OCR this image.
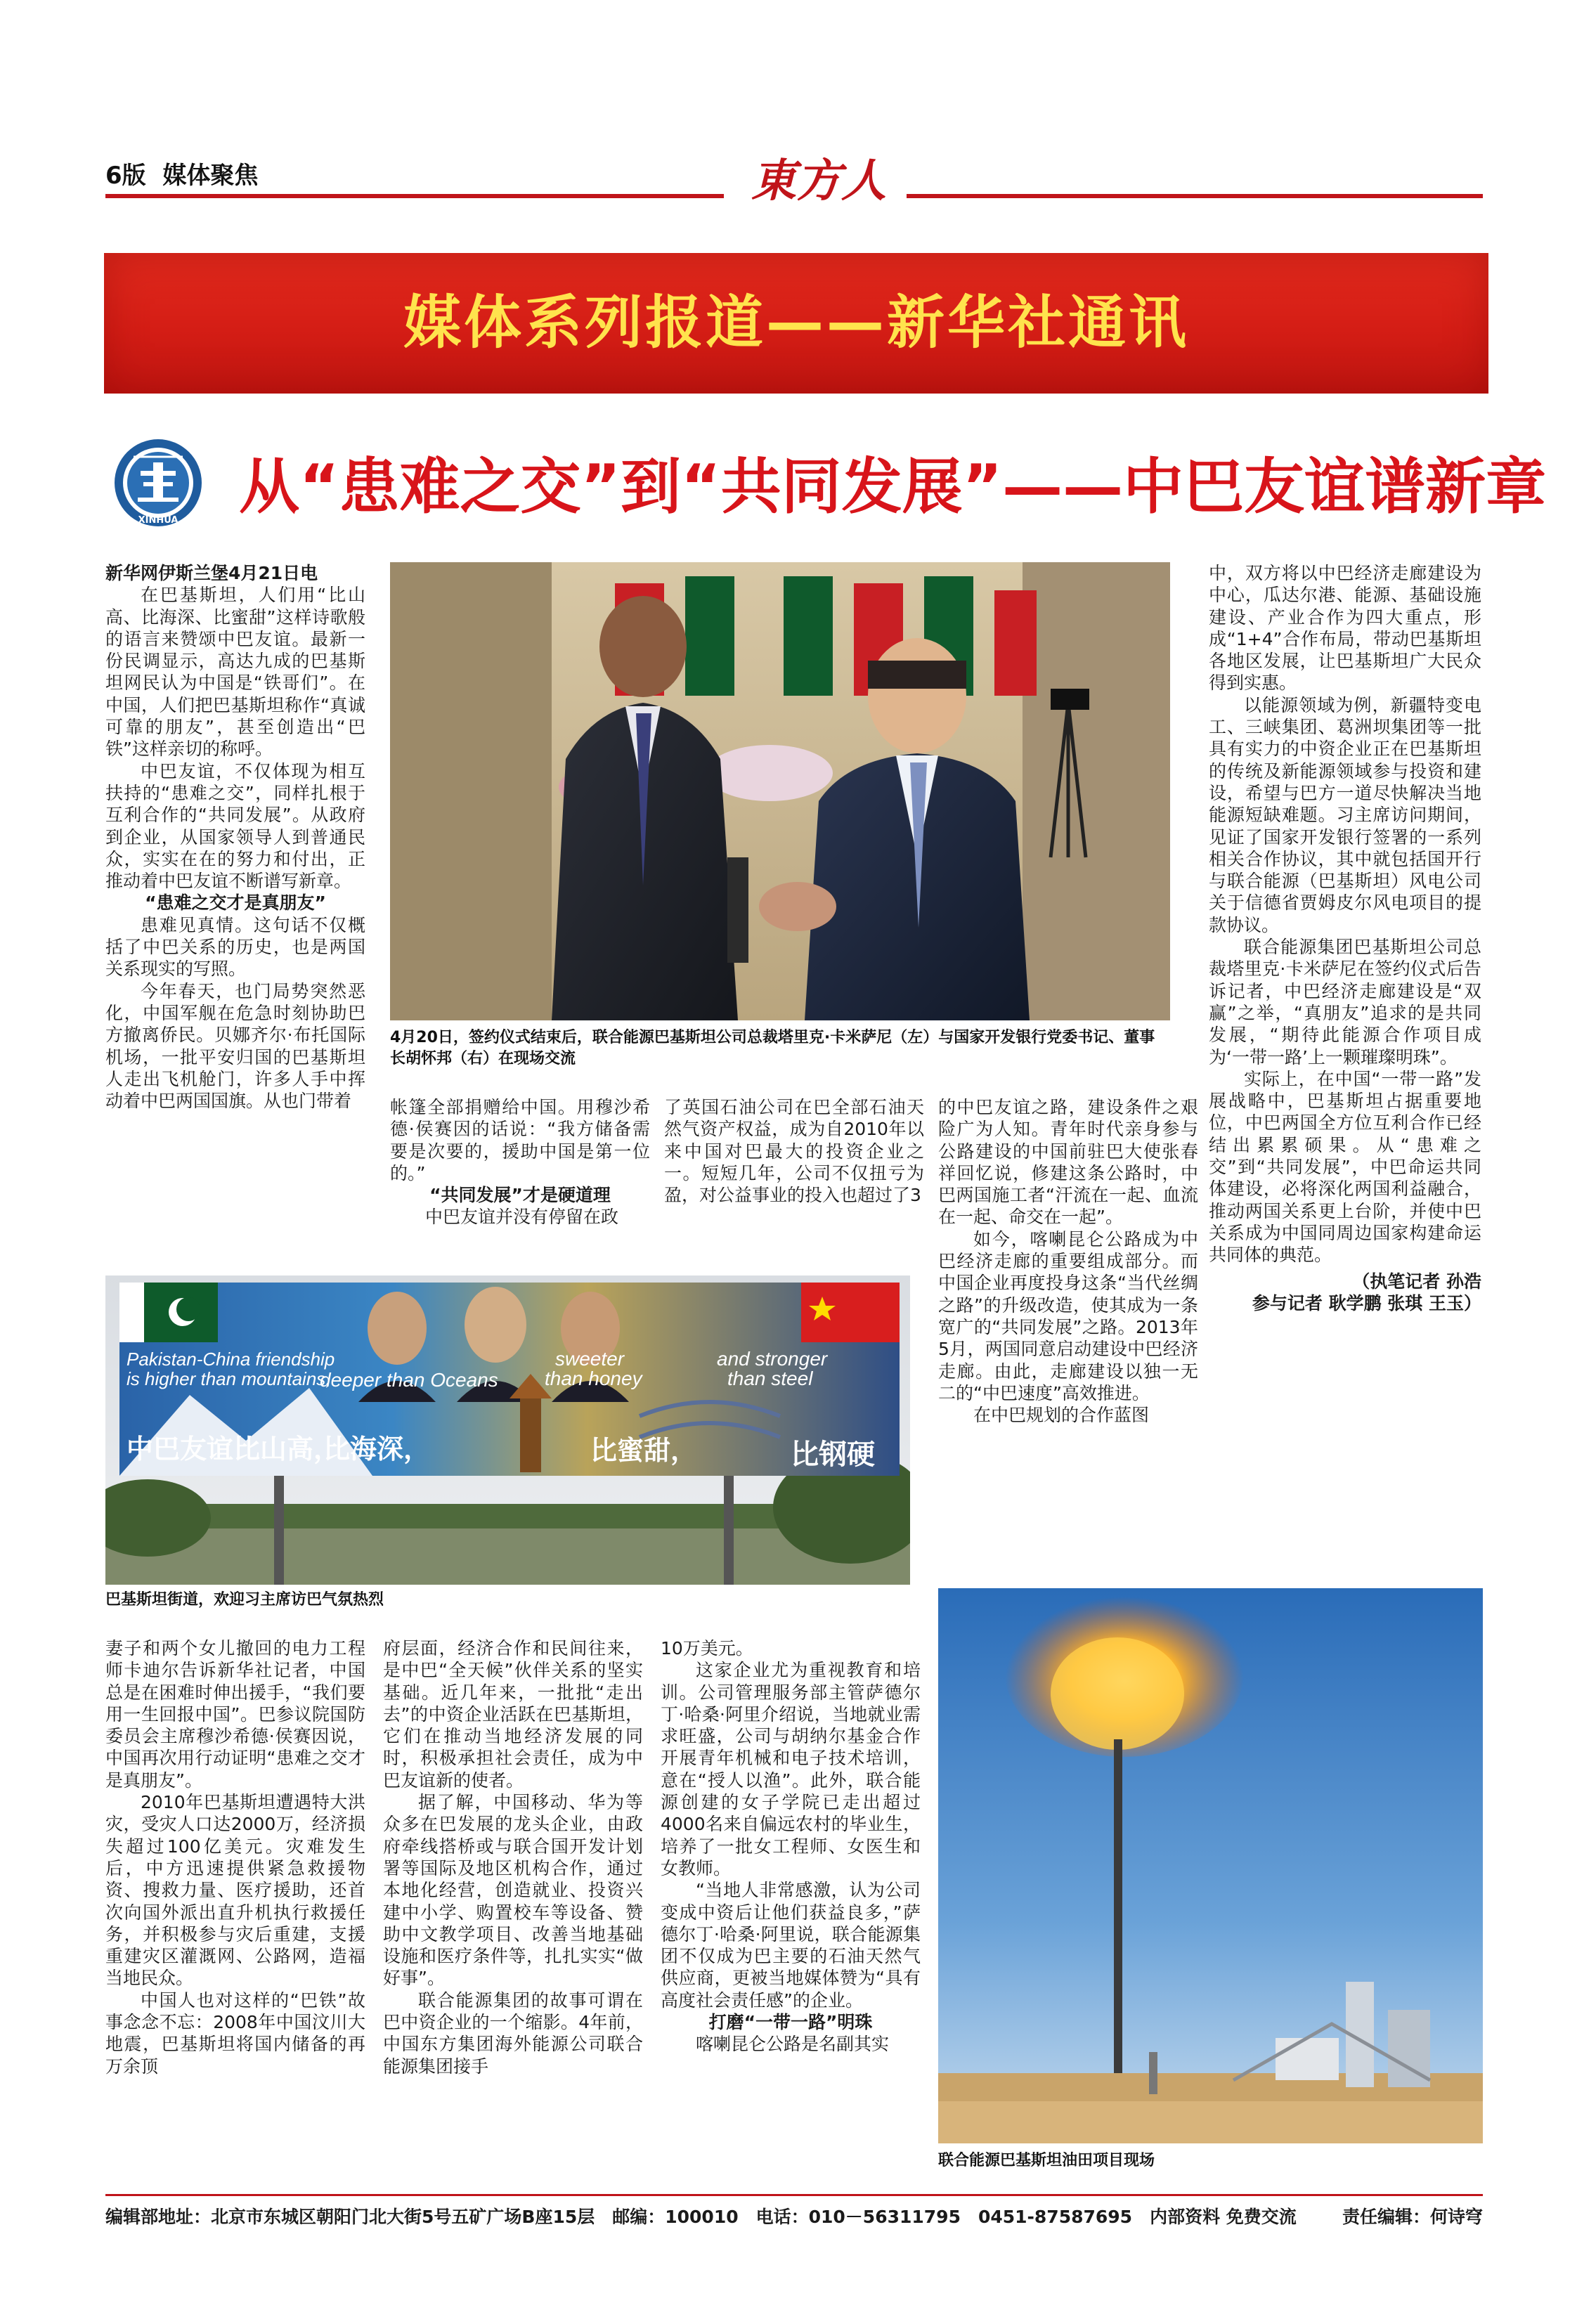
6版 媒体聚焦	東方人
媒体系列报道——新华社通讯
XINHUA 从“患难之交”到“共同发展”——中巴友谊谱新章

新华网伊斯兰堡4月21日电

在巴基斯坦，人们用“比山高、比海深、比蜜甜”这样诗歌般的语言来赞颂中巴友谊。最新一份民调显示，高达九成的巴基斯坦网民认为中国是“铁哥们”。在中国，人们把巴基斯坦称作“真诚可靠的朋友”，甚至创造出“巴铁”这样亲切的称呼。

中巴友谊，不仅体现为相互扶持的“患难之交”，同样扎根于互利合作的“共同发展”。从政府到企业，从国家领导人到普通民众，实实在在的努力和付出，正推动着中巴友谊不断谱写新章。

“患难之交才是真朋友”

患难见真情。这句话不仅概括了中巴关系的历史，也是两国关系现实的写照。

今年春天，也门局势突然恶化，中国军舰在危急时刻协助巴方撤离侨民。贝娜齐尔·布托国际机场，一批平安归国的巴基斯坦人走出飞机舱门，许多人手中挥动着中巴两国国旗。从也门带着

4月20日，签约仪式结束后，联合能源巴基斯坦公司总裁塔里克·卡米萨尼（左）与国家开发银行党委书记、董事长胡怀邦（右）在现场交流

中，双方将以中巴经济走廊建设为中心，瓜达尔港、能源、基础设施建设、产业合作为四大重点，形成“1+4”合作布局，带动巴基斯坦各地区发展，让巴基斯坦广大民众得到实惠。

以能源领域为例，新疆特变电工、三峡集团、葛洲坝集团等一批具有实力的中资企业正在巴基斯坦的传统及新能源领域参与投资和建设，希望与巴方一道尽快解决当地能源短缺难题。习主席访问期间，见证了国家开发银行签署的一系列相关合作协议，其中就包括国开行与联合能源（巴基斯坦）风电公司关于信德省贾姆皮尔风电项目的提款协议。

联合能源集团巴基斯坦公司总裁塔里克·卡米萨尼在签约仪式后告诉记者，中巴经济走廊建设是“双赢”之举，“真朋友”追求的是共同发展，“期待此能源合作项目成为‘一带一路’上一颗璀璨明珠”。

实际上，在中国“一带一路”发展战略中，巴基斯坦占据重要地位，中巴两国全方位互利合作已经结出累累硕果。从“患难之交”到“共同发展”，中巴命运共同体建设，必将深化两国利益融合，推动两国关系更上台阶，并使中巴关系成为中国同周边国家构建命运共同体的典范。

（执笔记者 孙浩

参与记者 耿学鹏 张琪 王玉）

帐篷全部捐赠给中国。用穆沙希德·侯赛因的话说：“我方储备需要是次要的，援助中国是第一位的。”

“共同发展”才是硬道理

中巴友谊并没有停留在政

了英国石油公司在巴全部石油天然气资产权益，成为自2010年以来中国对巴最大的投资企业之一。短短几年，公司不仅扭亏为盈，对公益事业的投入也超过了3

的中巴友谊之路，建设条件之艰险广为人知。青年时代亲身参与公路建设的中国前驻巴大使张春祥回忆说，修建这条公路时，中巴两国施工者“汗流在一起、血流在一起、命交在一起”。

如今，喀喇昆仑公路成为中巴经济走廊的重要组成部分。而中国企业再度投身这条“当代丝绸之路”的升级改造，使其成为一条宽广的“共同发展”之路。2013年5月，两国同意启动建设中巴经济走廊。由此，走廊建设以独一无二的“中巴速度”高效推进。

在中巴规划的合作蓝图

Pakistan-China friendship
is higher than mountains,
deeper than Oceans
sweeter
than honey
and stronger
than steel
中巴友谊比山高，
比海深，	比蜜甜，	比钢硬
巴基斯坦街道，欢迎习主席访巴气氛热烈
联合能源巴基斯坦油田项目现场

妻子和两个女儿撤回的电力工程师卡迪尔告诉新华社记者，中国总是在困难时伸出援手，“我们要用一生回报中国”。巴参议院国防委员会主席穆沙希德·侯赛因说，中国再次用行动证明“患难之交才是真朋友”。

2010年巴基斯坦遭遇特大洪灾，受灾人口达2000万，经济损失超过100亿美元。灾难发生后，中方迅速提供紧急救援物资、搜救力量、医疗援助，还首次向国外派出直升机执行救援任务，并积极参与灾后重建，支援重建灾区灌溉网、公路网，造福当地民众。

中国人也对这样的“巴铁”故事念念不忘：2008年中国汶川大地震，巴基斯坦将国内储备的再万余顶

府层面，经济合作和民间往来，是中巴“全天候”伙伴关系的坚实基础。近几年来，一批批“走出去”的中资企业活跃在巴基斯坦，它们在推动当地经济发展的同时，积极承担社会责任，成为中巴友谊新的使者。

据了解，中国移动、华为等众多在巴发展的龙头企业，由政府牵线搭桥或与联合国开发计划署等国际及地区机构合作，通过本地化经营，创造就业、投资兴建中小学、购置校车等设备、赞助中文教学项目、改善当地基础设施和医疗条件等，扎扎实实“做好事”。

联合能源集团的故事可谓在巴中资企业的一个缩影。4年前，中国东方集团海外能源公司联合能源集团接手

10万美元。

这家企业尤为重视教育和培训。公司管理服务部主管萨德尔丁·哈桑·阿里介绍说，当地就业需求旺盛，公司与胡纳尔基金合作开展青年机械和电子技术培训，意在“授人以渔”。此外，联合能源创建的女子学院已走出超过4000名来自偏远农村的毕业生，培养了一批女工程师、女医生和女教师。

“当地人非常感激，认为公司变成中资后让他们获益良多，”萨德尔丁·哈桑·阿里说，联合能源集团不仅成为巴主要的石油天然气供应商，更被当地媒体赞为“具有高度社会责任感”的企业。

打磨“一带一路”明珠

喀喇昆仑公路是名副其实

编辑部地址：北京市东城区朝阳门北大街5号五矿广场B座15层　邮编：100010　电话：010－56311795　0451-87587695　内部资料 免费交流	责任编辑：何诗穹
